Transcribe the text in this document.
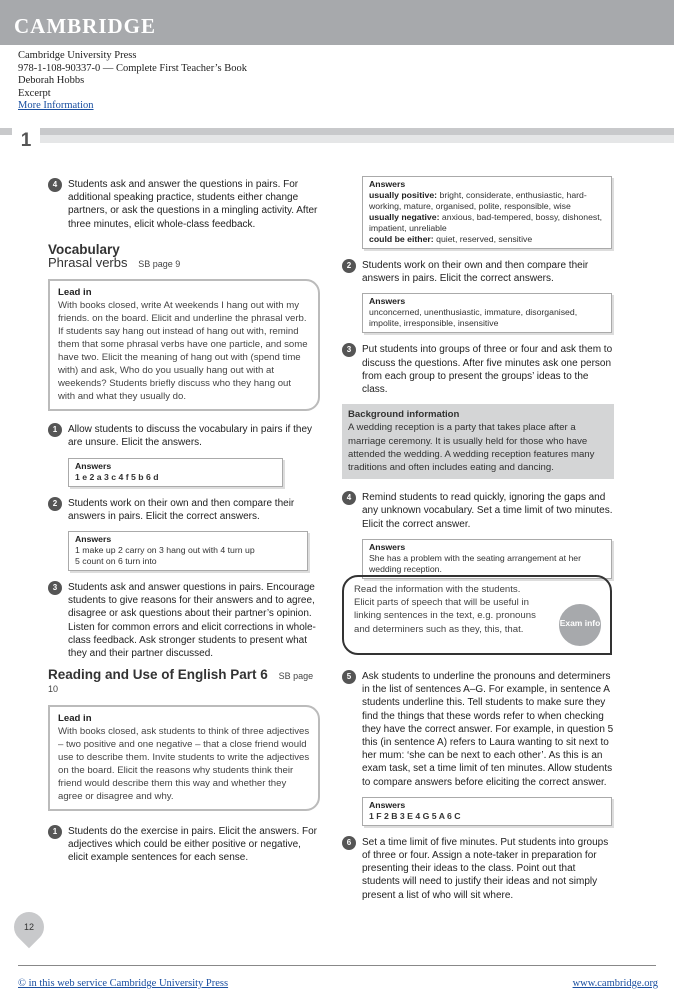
CAMBRIDGE
Cambridge University Press
978-1-108-90337-0 — Complete First Teacher’s Book
Deborah Hobbs
Excerpt
More Information
1
4	Students ask and answer the questions in pairs. For additional speaking practice, students either change partners, or ask the questions in a mingling activity. After three minutes, elicit whole-class feedback.
Vocabulary
Phrasal verbs SB page 9
Lead in
With books closed, write At weekends I hang out with my friends. on the board. Elicit and underline the phrasal verb. If students say hang out instead of hang out with, remind them that some phrasal verbs have one particle, and some have two. Elicit the meaning of hang out with (spend time with) and ask, Who do you usually hang out with at weekends? Students briefly discuss who they hang out with and what they usually do.
1	Allow students to discuss the vocabulary in pairs if they are unsure. Elicit the answers.
Answers
1 e 2 a 3 c 4 f 5 b 6 d
2	Students work on their own and then compare their answers in pairs. Elicit the correct answers.
Answers
1 make up 2 carry on 3 hang out with 4 turn up
5 count on 6 turn into
3	Students ask and answer questions in pairs. Encourage students to give reasons for their answers and to agree, disagree or ask questions about their partner’s opinion. Listen for common errors and elicit corrections in whole-class feedback. Ask stronger students to present what they and their partner discussed.
Reading and Use of English Part 6 SB page 10
Lead in
With books closed, ask students to think of three adjectives – two positive and one negative – that a close friend would use to describe them. Invite students to write the adjectives on the board. Elicit the reasons why students think their friend would describe them this way and whether they agree or disagree and why.
1	Students do the exercise in pairs. Elicit the answers. For adjectives which could be either positive or negative, elicit example sentences for each sense.
Answers
usually positive: bright, considerate, enthusiastic, hard-working, mature, organised, polite, responsible, wise
usually negative: anxious, bad-tempered, bossy, dishonest, impatient, unreliable
could be either: quiet, reserved, sensitive
2	Students work on their own and then compare their answers in pairs. Elicit the correct answers.
Answers
unconcerned, unenthusiastic, immature, disorganised, impolite, irresponsible, insensitive
3	Put students into groups of three or four and ask them to discuss the questions. After five minutes ask one person from each group to present the groups’ ideas to the class.
Background information
A wedding reception is a party that takes place after a marriage ceremony. It is usually held for those who have attended the wedding. A wedding reception features many traditions and often includes eating and dancing.
4	Remind students to read quickly, ignoring the gaps and any unknown vocabulary. Set a time limit of two minutes. Elicit the correct answer.
Answers
She has a problem with the seating arrangement at her wedding reception.
Read the information with the students. Elicit parts of speech that will be useful in linking sentences in the text, e.g. pronouns and determiners such as they, this, that.
Exam info
5	Ask students to underline the pronouns and determiners in the list of sentences A–G. For example, in sentence A students underline this. Tell students to make sure they find the things that these words refer to when checking they have the correct answer. For example, in question 5 this (in sentence A) refers to Laura wanting to sit next to her mum: ‘she can be next to each other’. As this is an exam task, set a time limit of ten minutes. Allow students to compare answers before eliciting the correct answer.
Answers
1 F 2 B 3 E 4 G 5 A 6 C
6	Set a time limit of five minutes. Put students into groups of three or four. Assign a note-taker in preparation for presenting their ideas to the class. Point out that students will need to justify their ideas and not simply present a list of who will sit where.
12
© in this web service Cambridge University Press	www.cambridge.org
